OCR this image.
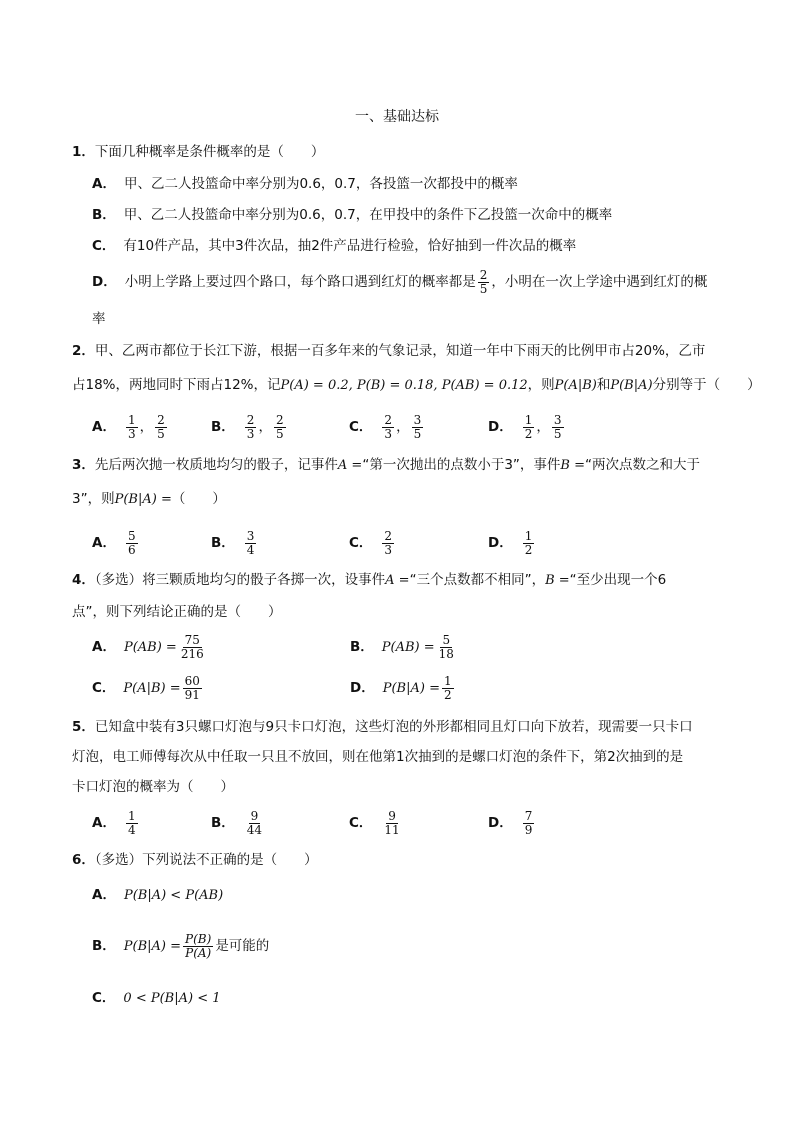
一、基础达标
1．下面几种概率是条件概率的是（　　）
A． 甲、乙二人投篮命中率分别为0.6，0.7，各投篮一次都投中的概率
B． 甲、乙二人投篮命中率分别为0.6，0.7，在甲投中的条件下乙投篮一次命中的概率
C． 有10件产品，其中3件次品，抽2件产品进行检验，恰好抽到一件次品的概率
D． 小明上学路上要过四个路口，每个路口遇到红灯的概率都是 $\frac{2}{5}$ ，小明在一次上学途中遇到红灯的概
率
2．甲、乙两市都位于长江下游，根据一百多年来的气象记录，知道一年中下雨天的比例甲市占20%，乙市
占18%，两地同时下雨占12%，记P(A) = 0.2, P(B) = 0.18, P(AB) = 0.12，则P(A|B)和P(B|A)分别等于（　　）
A． $\frac{1}{3}$ ， $\frac{2}{5}$	B． $\frac{2}{3}$ ， $\frac{2}{5}$	C． $\frac{2}{3}$ ， $\frac{3}{5}$	D． $\frac{1}{2}$ ， $\frac{3}{5}$
3．先后两次抛一枚质地均匀的骰子，记事件A =“第一次抛出的点数小于3”，事件B =“两次点数之和大于
3”，则P(B|A) =（　　）
A． $\frac{5}{6}$	B． $\frac{3}{4}$	C． $\frac{2}{3}$	D． $\frac{1}{2}$
4．（多选）将三颗质地均匀的骰子各掷一次，设事件A =“三个点数都不相同”，B =“至少出现一个6
点”，则下列结论正确的是（　　）
A． $P(AB) = \frac{75}{216}$	B． $P(AB) = \frac{5}{18}$
C． $P(A|B) = \frac{60}{91}$	D． $P(B|A) = \frac{1}{2}$
5．已知盒中装有3只螺口灯泡与9只卡口灯泡，这些灯泡的外形都相同且灯口向下放若，现需要一只卡口
灯泡，电工师傅每次从中任取一只且不放回，则在他第1次抽到的是螺口灯泡的条件下，第2次抽到的是
卡口灯泡的概率为（　　）
A． $\frac{1}{4}$	B． $\frac{9}{44}$	C． $\frac{9}{11}$	D． $\frac{7}{9}$
6．（多选）下列说法不正确的是（　　）
A． P(B|A) < P(AB)
B． $P(B|A) = \frac{P(B)}{P(A)}$ 是可能的
C． 0 < P(B|A) < 1
